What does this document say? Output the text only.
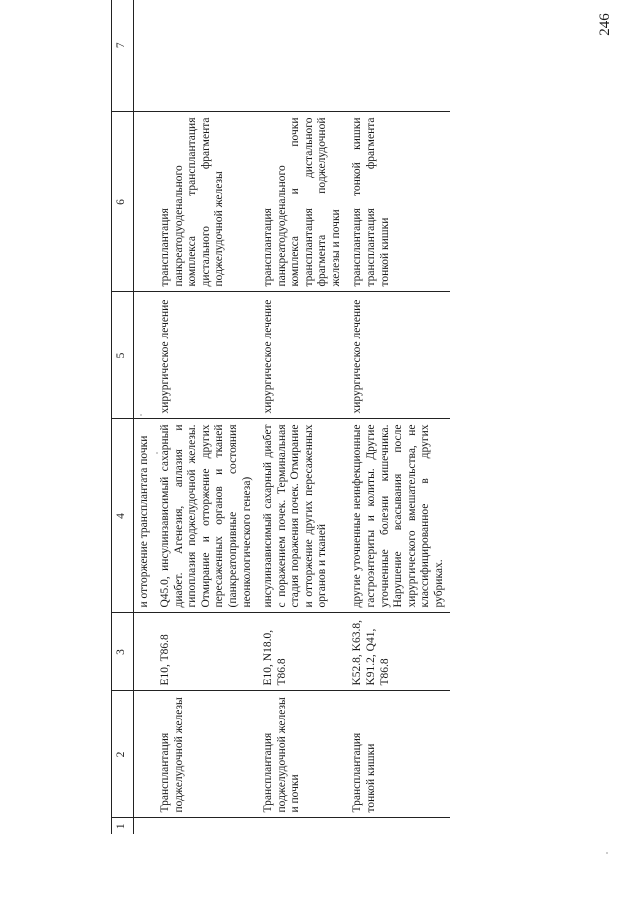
246
1	2	3	4	5	6	7
			и отторжение трансплантата почки			
	Трансплантация поджелудочной железы	E10, T86.8	Q45.0, инсулинзависимый сахарный диабет. Агенезия, аплазия и гипоплазия поджелудочной железы. Отмирание и отторжение других пересаженных органов и тканей (панкреатопривные состояния неонкологического генеза)	хирургическое лечение	трансплантация панкреатодуоденального комплекса трансплантация дистального фрагмента поджелудочной железы	
	Трансплантация поджелудочной железы и почки	E10, N18.0, T86.8	инсулинзависимый сахарный диабет с поражением почек. Терминальная стадия поражения почек. Отмирание и отторжение других пересаженных органов и тканей	хирургическое лечение	трансплантация панкреатодуоденального комплекса и почки трансплантация дистального фрагмента поджелудочной железы и почки	
	Трансплантация тонкой кишки	K52.8, K63.8, K91.2, Q41, T86.8	другие уточненные неинфекционные гастроэнтериты и колиты. Другие уточненные болезни кишечника. Нарушение всасывания после хирургического вмешательства, не классифицированное в других рубриках.	хирургическое лечение	трансплантация тонкой кишки трансплантация фрагмента тонкой кишки	
